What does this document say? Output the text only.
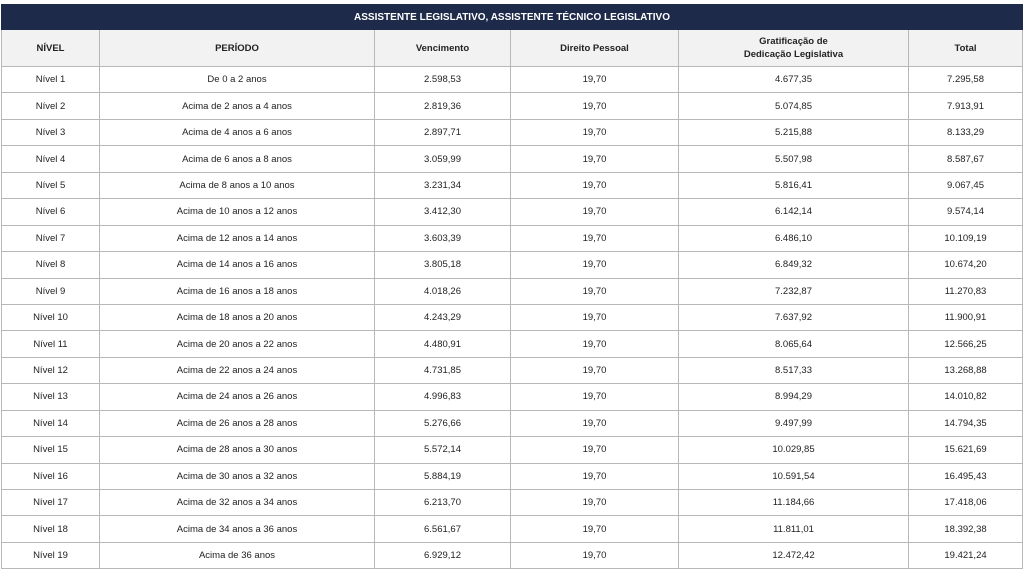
ASSISTENTE LEGISLATIVO, ASSISTENTE TÉCNICO LEGISLATIVO					
NÍVEL	PERÍODO	Vencimento	Direito Pessoal	Gratificação de
Dedicação Legislativa	Total
Nível 1	De 0 a 2 anos	2.598,53	19,70	4.677,35	7.295,58
Nível 2	Acima de 2 anos a 4 anos	2.819,36	19,70	5.074,85	7.913,91
Nível 3	Acima de 4 anos a 6 anos	2.897,71	19,70	5.215,88	8.133,29
Nível 4	Acima de 6 anos a 8 anos	3.059,99	19,70	5.507,98	8.587,67
Nível 5	Acima de 8 anos a 10 anos	3.231,34	19,70	5.816,41	9.067,45
Nível 6	Acima de 10 anos a 12 anos	3.412,30	19,70	6.142,14	9.574,14
Nível 7	Acima de 12 anos a 14 anos	3.603,39	19,70	6.486,10	10.109,19
Nível 8	Acima de 14 anos a 16 anos	3.805,18	19,70	6.849,32	10.674,20
Nível 9	Acima de 16 anos a 18 anos	4.018,26	19,70	7.232,87	11.270,83
Nível 10	Acima de 18 anos a 20 anos	4.243,29	19,70	7.637,92	11.900,91
Nível 11	Acima de 20 anos a 22 anos	4.480,91	19,70	8.065,64	12.566,25
Nível 12	Acima de 22 anos a 24 anos	4.731,85	19,70	8.517,33	13.268,88
Nível 13	Acima de 24 anos a 26 anos	4.996,83	19,70	8.994,29	14.010,82
Nível 14	Acima de 26 anos a 28 anos	5.276,66	19,70	9.497,99	14.794,35
Nível 15	Acima de 28 anos a 30 anos	5.572,14	19,70	10.029,85	15.621,69
Nível 16	Acima de 30 anos a 32 anos	5.884,19	19,70	10.591,54	16.495,43
Nível 17	Acima de 32 anos a 34 anos	6.213,70	19,70	11.184,66	17.418,06
Nível 18	Acima de 34 anos a 36 anos	6.561,67	19,70	11.811,01	18.392,38
Nível 19	Acima de 36 anos	6.929,12	19,70	12.472,42	19.421,24
